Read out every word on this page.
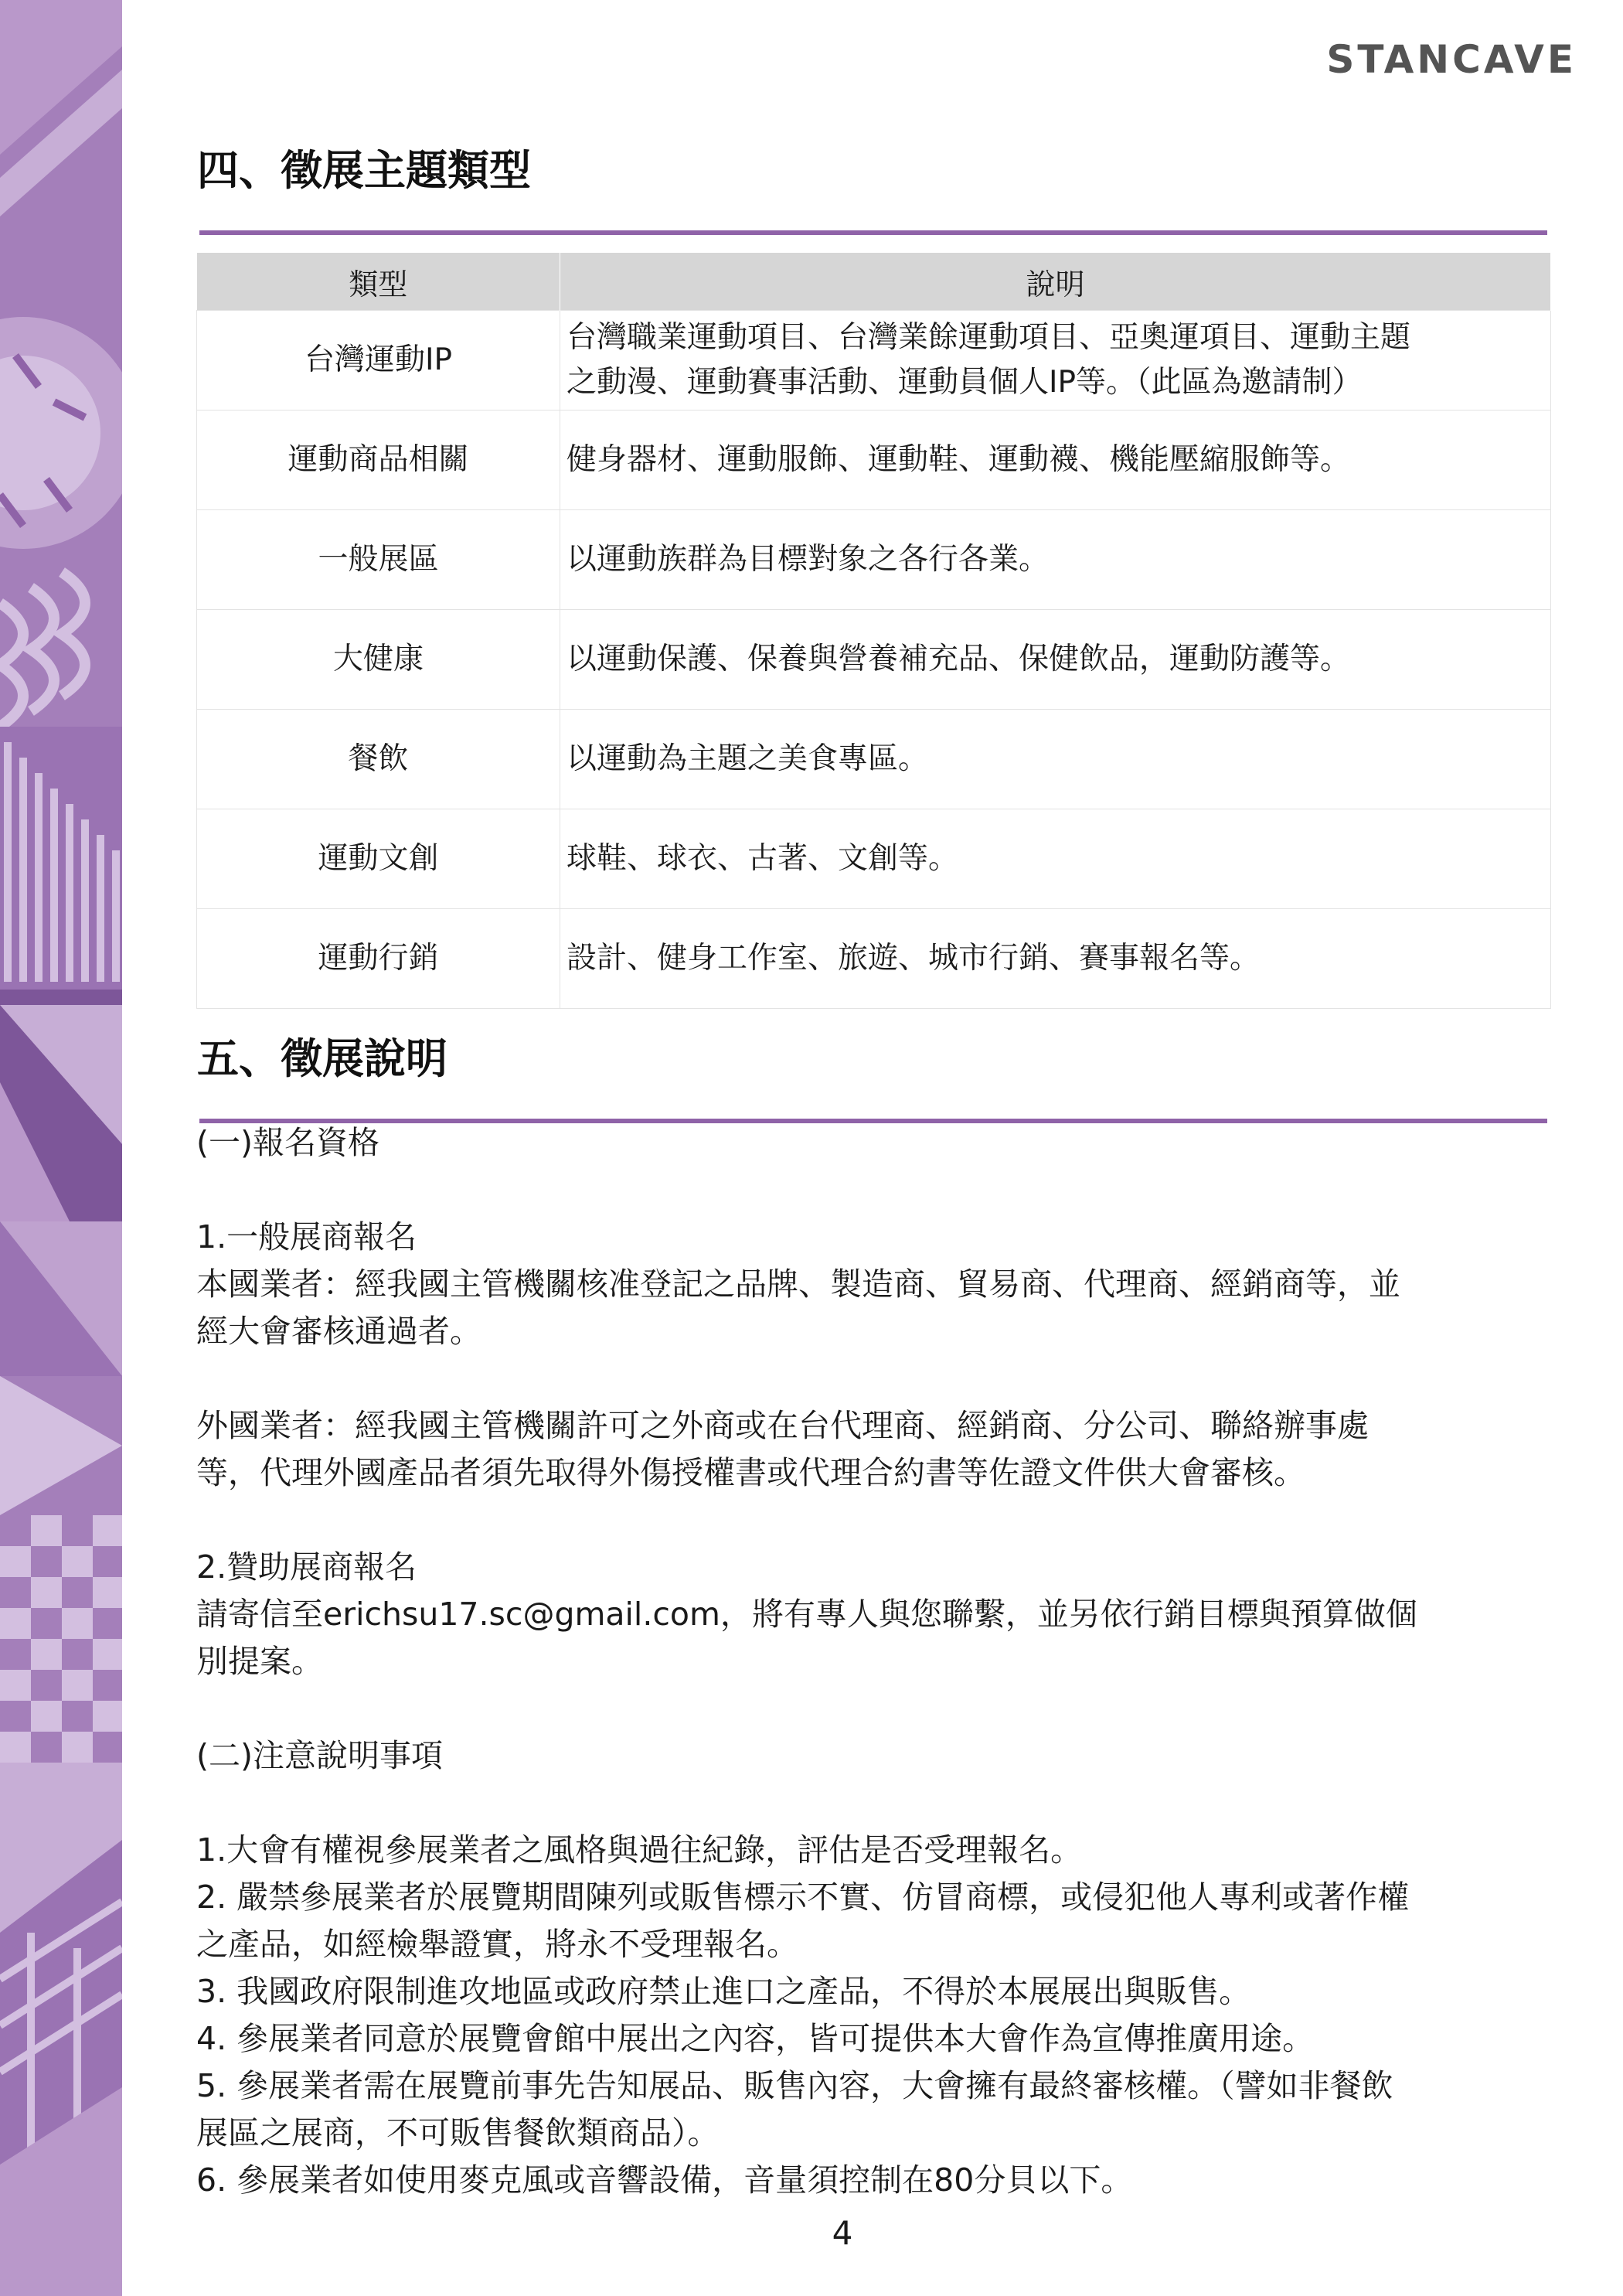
STANCAVE
四、徵展主題類型
類型	說明
台灣運動IP	台灣職業運動項目、台灣業餘運動項目、亞奧運項目、運動主題
之動漫、運動賽事活動、運動員個人IP等。（此區為邀請制）

運動商品相關	健身器材、運動服飾、運動鞋、運動襪、機能壓縮服飾等。
一般展區	以運動族群為目標對象之各行各業。
大健康	以運動保護、保養與營養補充品、保健飲品，運動防護等。
餐飲	以運動為主題之美食專區。
運動文創	球鞋、球衣、古著、文創等。
運動行銷	設計、健身工作室、旅遊、城市行銷、賽事報名等。
五、徵展說明

(一)報名資格

1.一般展商報名

本國業者：經我國主管機關核准登記之品牌、製造商、貿易商、代理商、經銷商等，並

經大會審核通過者。

外國業者：經我國主管機關許可之外商或在台代理商、經銷商、分公司、聯絡辦事處

等，代理外國產品者須先取得外傷授權書或代理合約書等佐證文件供大會審核。

2.贊助展商報名

請寄信至erichsu17.sc@gmail.com，將有專人與您聯繫，並另依行銷目標與預算做個

別提案。

(二)注意說明事項

1.大會有權視參展業者之風格與過往紀錄，評估是否受理報名。

2. 嚴禁參展業者於展覽期間陳列或販售標示不實、仿冒商標，或侵犯他人專利或著作權

之產品，如經檢舉證實，將永不受理報名。

3. 我國政府限制進攻地區或政府禁止進口之產品，不得於本展展出與販售。

4. 參展業者同意於展覽會館中展出之內容，皆可提供本大會作為宣傳推廣用途。

5. 參展業者需在展覽前事先告知展品、販售內容，大會擁有最終審核權。（譬如非餐飲

展區之展商，不可販售餐飲類商品）。

6. 參展業者如使用麥克風或音響設備，音量須控制在80分貝以下。

4
